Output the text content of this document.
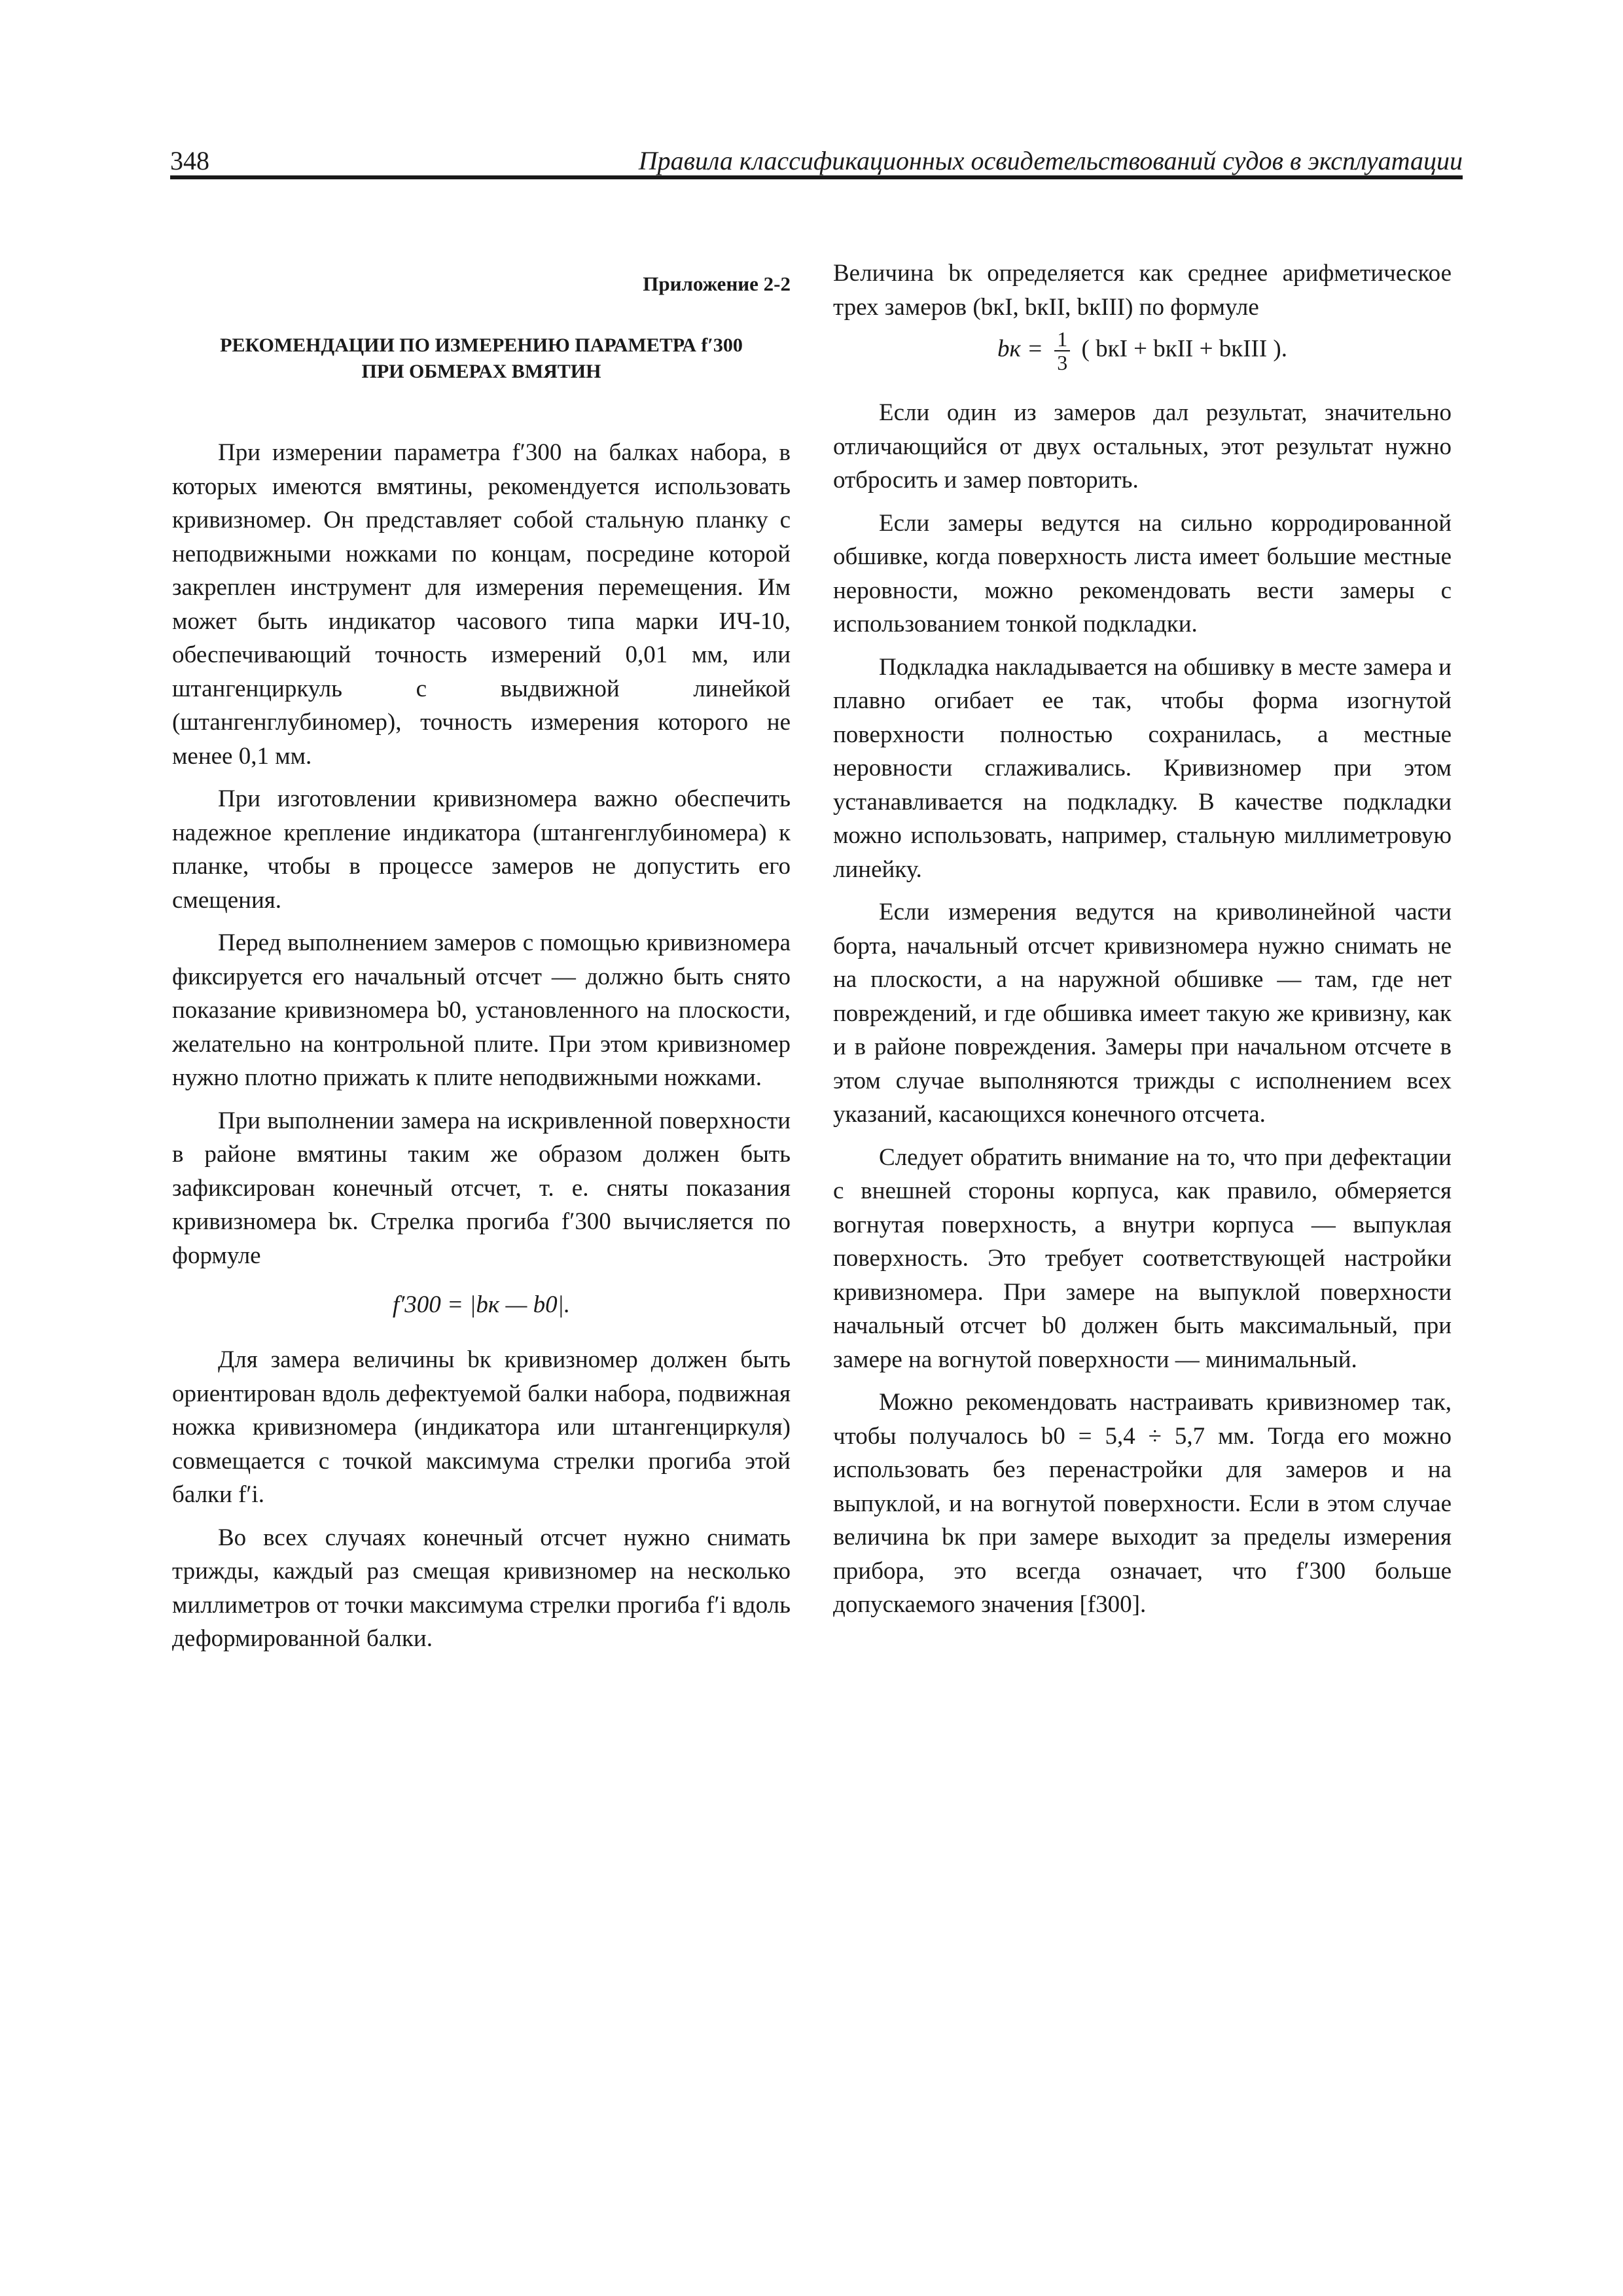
348	Правила классификационных освидетельствований судов в эксплуатации
Приложение 2-2
РЕКОМЕНДАЦИИ ПО ИЗМЕРЕНИЮ ПАРАМЕТРА f′300
ПРИ ОБМЕРАХ ВМЯТИН

При измерении параметра f′300 на балках набора, в которых имеются вмятины, рекомендуется использовать кривизномер. Он представляет собой стальную планку с неподвижными ножками по концам, посредине которой закреплен инструмент для измерения перемещения. Им может быть индикатор часового типа марки ИЧ-10, обеспечивающий точность измерений 0,01 мм, или штангенциркуль с выдвижной линейкой (штангенглубиномер), точность измерения которого не менее 0,1 мм.

При изготовлении кривизномера важно обеспечить надежное крепление индикатора (штангенглубиномера) к планке, чтобы в процессе замеров не допустить его смещения.

Перед выполнением замеров с помощью кривизномера фиксируется его начальный отсчет — должно быть снято показание кривизномера b0, установленного на плоскости, желательно на контрольной плите. При этом кривизномер нужно плотно прижать к плите неподвижными ножками.

При выполнении замера на искривленной поверхности в районе вмятины таким же образом должен быть зафиксирован конечный отсчет, т. е. сняты показания кривизномера bк. Стрелка прогиба f′300 вычисляется по формуле

f′300 = |bк — b0|.

Для замера величины bк кривизномер должен быть ориентирован вдоль дефектуемой балки набора, подвижная ножка кривизномера (индикатора или штангенциркуля) совмещается с точкой максимума стрелки прогиба этой балки f′i.

Во всех случаях конечный отсчет нужно снимать трижды, каждый раз смещая кривизномер на несколько миллиметров от точки максимума стрелки прогиба f′i вдоль деформированной балки.

Величина bк определяется как среднее арифметическое трех замеров (bкI, bкII, bкIII) по формуле

bк = $\frac{1}{3}$ ( bкI + bкII + bкIII ).

Если один из замеров дал результат, значительно отличающийся от двух остальных, этот результат нужно отбросить и замер повторить.

Если замеры ведутся на сильно корродированной обшивке, когда поверхность листа имеет большие местные неровности, можно рекомендовать вести замеры с использованием тонкой подкладки.

Подкладка накладывается на обшивку в месте замера и плавно огибает ее так, чтобы форма изогнутой поверхности полностью сохранилась, а местные неровности сглаживались. Кривизномер при этом устанавливается на подкладку. В качестве подкладки можно использовать, например, стальную миллиметровую линейку.

Если измерения ведутся на криволинейной части борта, начальный отсчет кривизномера нужно снимать не на плоскости, а на наружной обшивке — там, где нет повреждений, и где обшивка имеет такую же кривизну, как и в районе повреждения. Замеры при начальном отсчете в этом случае выполняются трижды с исполнением всех указаний, касающихся конечного отсчета.

Следует обратить внимание на то, что при дефектации с внешней стороны корпуса, как правило, обмеряется вогнутая поверхность, а внутри корпуса — выпуклая поверхность. Это требует соответствующей настройки кривизномера. При замере на выпуклой поверхности начальный отсчет b0 должен быть максимальный, при замере на вогнутой поверхности — минимальный.

Можно рекомендовать настраивать кривизномер так, чтобы получалось b0 = 5,4 ÷ 5,7 мм. Тогда его можно использовать без перенастройки для замеров и на выпуклой, и на вогнутой поверхности. Если в этом случае величина bк при замере выходит за пределы измерения прибора, это всегда означает, что f′300 больше допускаемого значения [f300].
